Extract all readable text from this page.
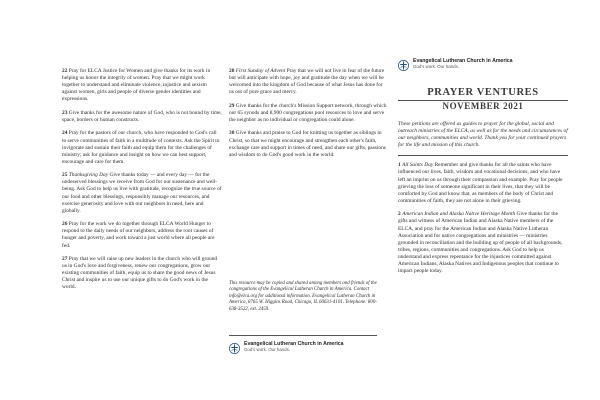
22 Pray for ELCA Justice for Women and give thanks for its work in helping us honor the integrity of women. Pray that we might work together to understand and eliminate violence, injustice and sexism against women, girls and people of diverse gender identities and expressions.

23 Give thanks for the awesome nature of God, who is not bound by time, space, borders or human constructs.

24 Pray for the pastors of our church, who have responded to God's call to serve communities of faith in a multitude of contexts. Ask the Spirit to invigorate and sustain their faith and equip them for the challenges of ministry; ask for guidance and insight on how we can best support, encourage and care for them.

25 Thanksgiving Day Give thanks today — and every day — for the undeserved blessings we receive from God for our sustenance and well-being. Ask God to help us live with gratitude, recognize the true source of our food and other blessings, responsibly manage our resources, and exercise generosity and love with our neighbors in need, here and globally.

26 Pray for the work we do together through ELCA World Hunger to respond to the daily needs of our neighbors, address the root causes of hunger and poverty, and work toward a just world where all people are fed.

27 Pray that we will raise up new leaders in the church who will ground us in God's love and forgiveness, renew our congregations, grow our existing communities of faith, equip us to share the good news of Jesus Christ and inspire us to use our unique gifts to do God's work in the world.

28 First Sunday of Advent Pray that we will not live in fear of the future but will anticipate with hope, joy and gratitude the day when we will be welcomed into the kingdom of God because of what Jesus has done for us out of pure grace and mercy.

29 Give thanks for the church's Mission Support network, through which our 65 synods and 8,900 congregations pool resources to love and serve the neighbor as no individual or congregation could alone.

30 Give thanks and praise to God for knitting us together as siblings in Christ, so that we might encourage and strengthen each other's faith, exchange care and support in times of need, and share our gifts, passions and wisdom to do God's good work in the world.

This resource may be copied and shared among members and friends of the congregations of the Evangelical Lutheran Church in America. Contact info@elca.org for additional information. Evangelical Lutheran Church in America, 8765 W. Higgins Road, Chicago, IL 60631-4101. Telephone: 800-638-3522, ext. 2459.

Evangelical Lutheran Church in America
God's work. Our hands.
Evangelical Lutheran Church in America
God's work. Our hands.
PRAYER VENTURES
NOVEMBER 2021

These petitions are offered as guides to prayer for the global, social and outreach ministries of the ELCA, as well as for the needs and circumstances of our neighbors, communities and world. Thank you for your continued prayers for the life and mission of this church.

1 All Saints Day Remember and give thanks for all the saints who have influenced our lives, faith, wisdom and vocational decisions, and who have left an imprint on us through their compassion and example. Pray for people grieving the loss of someone significant in their lives, that they will be comforted by God and know that, as members of the body of Christ and communities of faith, they are not alone in their grieving.

2 American Indian and Alaska Native Heritage Month Give thanks for the gifts and witness of American Indian and Alaska Native members of the ELCA, and pray for the American Indian and Alaska Native Lutheran Association and for native congregations and ministries — ministries grounded in reconciliation and the building up of people of all backgrounds, tribes, regions, communities and congregations. Ask God to help us understand and express repentance for the injustices committed against American Indians, Alaska Natives and Indigenous peoples that continue to impact people today.
